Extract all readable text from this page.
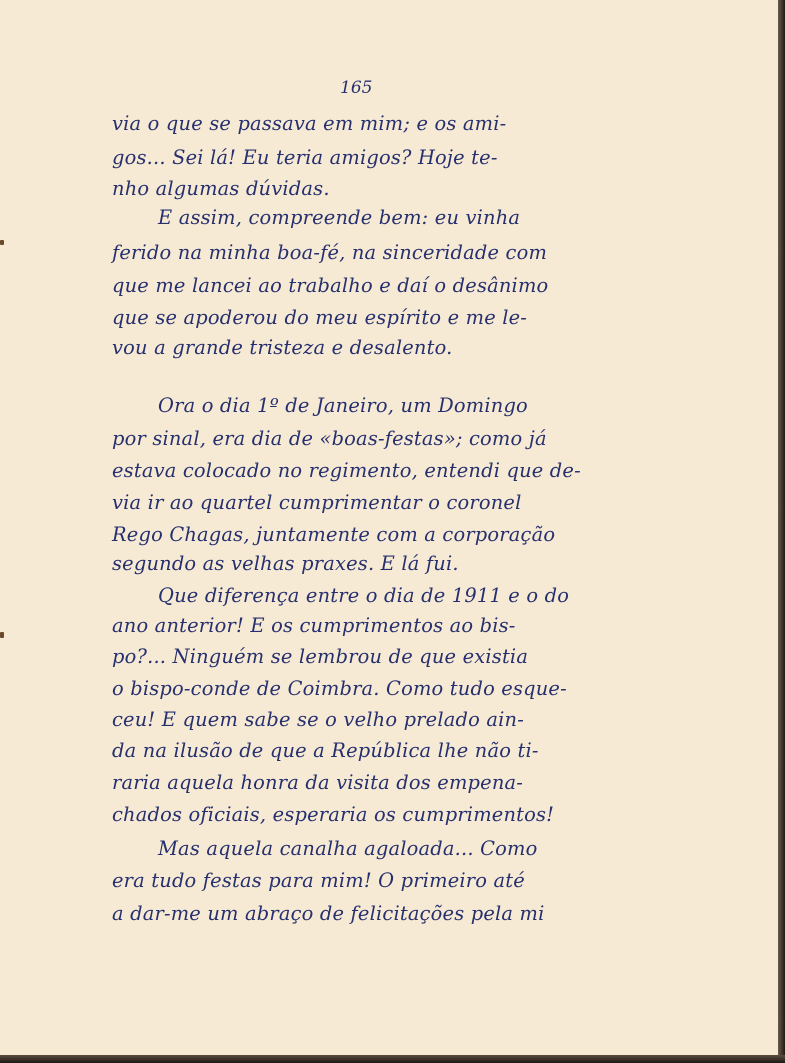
165
via o que se passava em mim; e os ami-
gos... Sei lá! Eu teria amigos? Hoje te-
nho algumas dúvidas.
E assim, compreende bem: eu vinha
ferido na minha boa-fé, na sinceridade com
que me lancei ao trabalho e daí o desânimo
que se apoderou do meu espírito e me le-
vou a grande tristeza e desalento.
Ora o dia 1º de Janeiro, um Domingo
por sinal, era dia de «boas-festas»; como já
estava colocado no regimento, entendi que de-
via ir ao quartel cumprimentar o coronel
Rego Chagas, juntamente com a corporação
segundo as velhas praxes. E lá fui.
Que diferença entre o dia de 1911 e o do
ano anterior! E os cumprimentos ao bis-
po?... Ninguém se lembrou de que existia
o bispo-conde de Coimbra. Como tudo esque-
ceu! E quem sabe se o velho prelado ain-
da na ilusão de que a República lhe não ti-
raria aquela honra da visita dos empena-
chados oficiais, esperaria os cumprimentos!
Mas aquela canalha agaloada... Como
era tudo festas para mim! O primeiro até
a dar-me um abraço de felicitações pela mi
